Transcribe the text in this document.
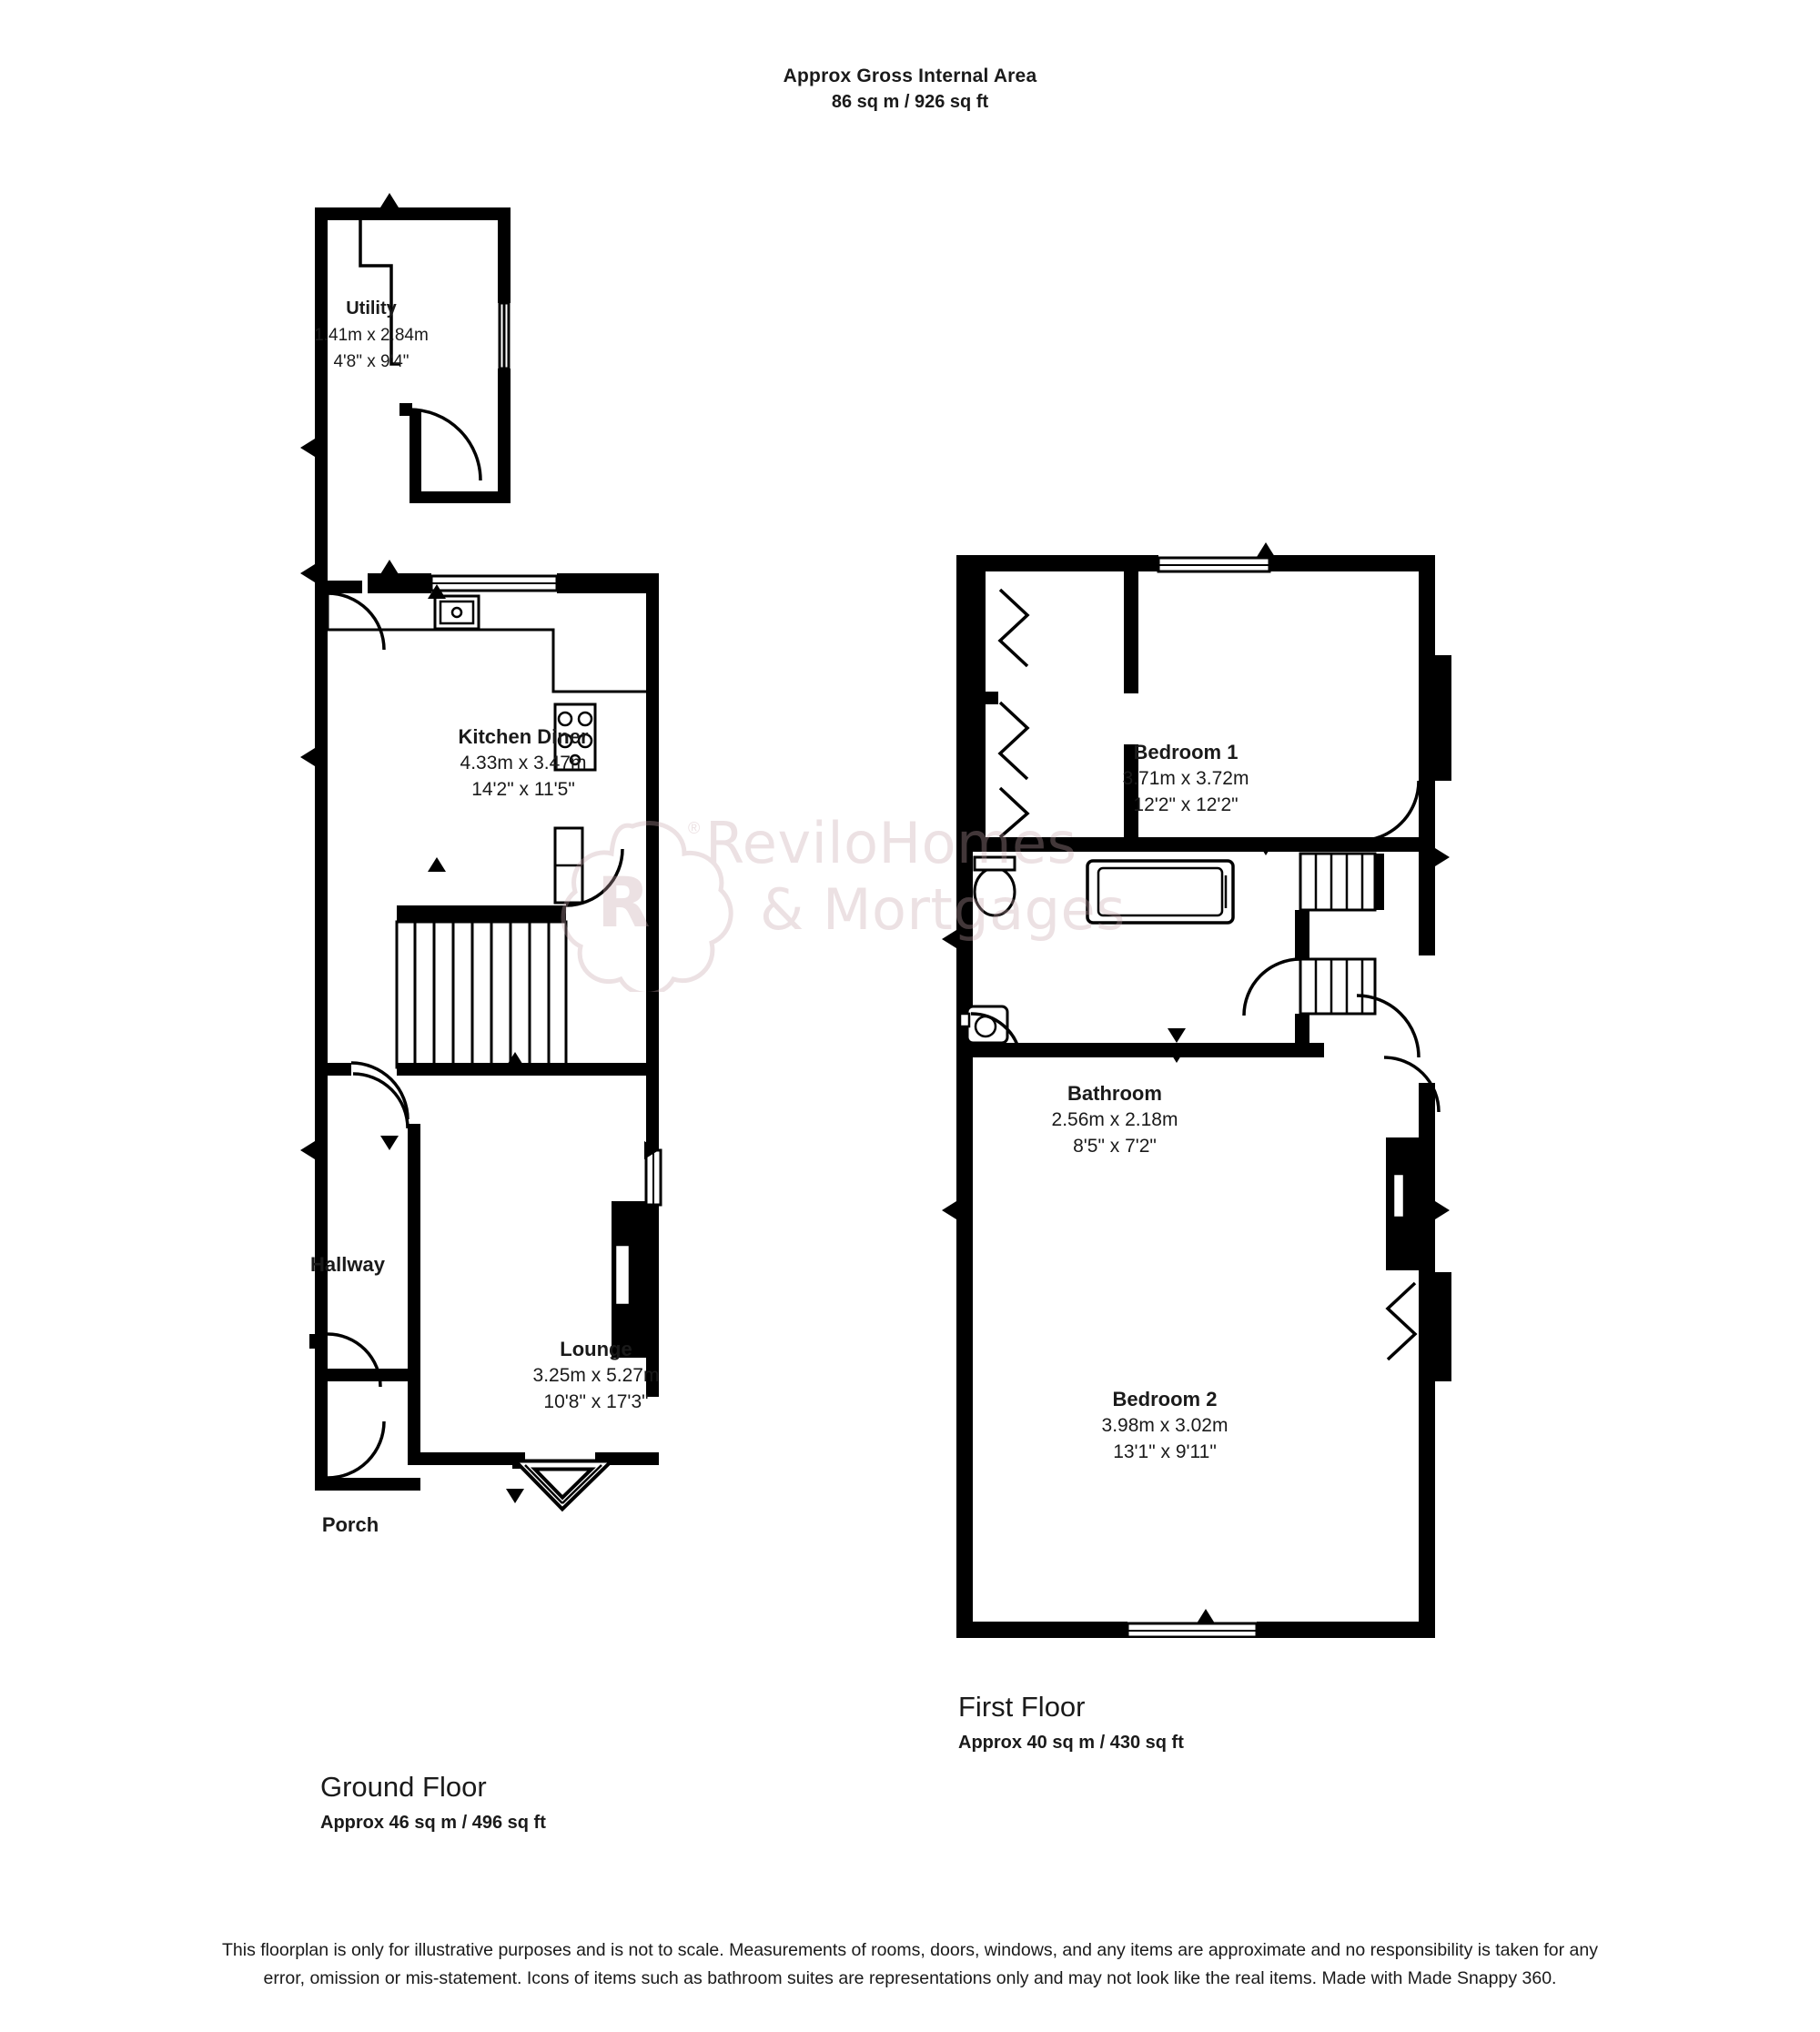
Approx Gross Internal Area
86 sq m / 926 sq ft
Utility
1.41m x 2.84m
4'8" x 9'4"
Kitchen Diner
4.33m x 3.47m
14'2" x 11'5"
Hallway
Lounge
3.25m x 5.27m
10'8" x 17'3"
Porch
Bedroom 1
3.71m x 3.72m
12'2" x 12'2"
Bathroom
2.56m x 2.18m
8'5" x 7'2"
Bedroom 2
3.98m x 3.02m
13'1" x 9'11"
R
® ReviloHomes
& Mortgages
Ground Floor
Approx 46 sq m / 496 sq ft
First Floor
Approx 40 sq m / 430 sq ft
This floorplan is only for illustrative purposes and is not to scale. Measurements of rooms, doors, windows, and any items are approximate and no responsibility is taken for any error, omission or mis-statement. Icons of items such as bathroom suites are representations only and may not look like the real items. Made with Made Snappy 360.
